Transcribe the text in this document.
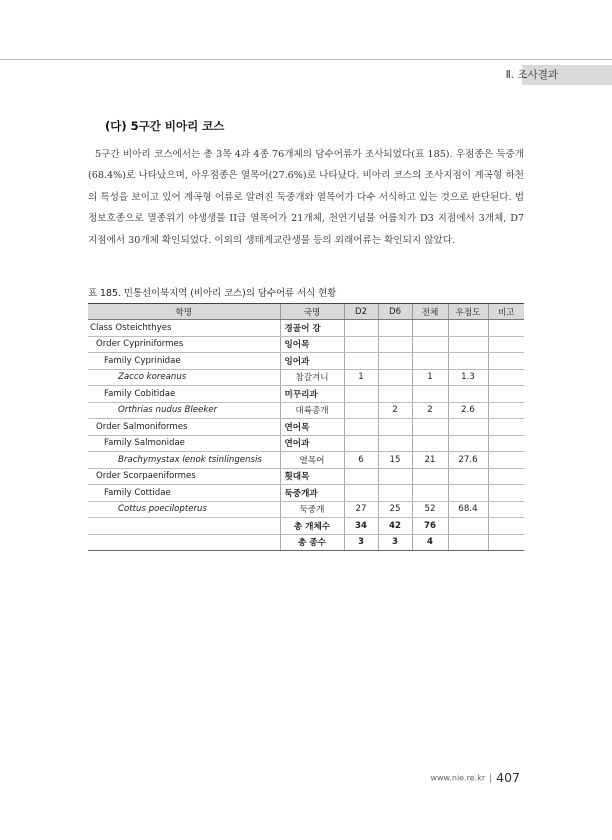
Ⅱ. 조사결과
(다) 5구간 비아리 코스

5구간 비아리 코스에서는 총 3목 4과 4종 76개체의 담수어류가 조사되었다(표 185). 우점종은 둑중개(68.4%)로 나타났으며, 아우점종은 열목어(27.6%)로 나타났다. 비아리 코스의 조사지점이 계곡형 하천의 특성을 보이고 있어 계곡형 어류로 알려진 둑중개와 열목어가 다수 서식하고 있는 것으로 판단된다. 법정보호종으로 멸종위기 야생생물 II급 열목어가 21개체, 천연기념물 어름치가 D3 지점에서 3개체, D7 지점에서 30개체 확인되었다. 이외의 생태계교란생물 등의 외래어류는 확인되지 않았다.

표 185. 민통선이북지역 (비아리 코스)의 담수어류 서식 현황
학명	국명	D2	D6	전체	우점도	비고
Class Osteichthyes	경골어 강					
Order Cypriniformes	잉어목					
Family Cyprinidae	잉어과					
Zacco koreanus	참갈겨니	1		1	1.3	
Family Cobitidae	미꾸리과					
Orthrias nudus Bleeker	대륙종개		2	2	2.6	
Order Salmoniformes	연어목					
Family Salmonidae	연어과					
Brachymystax lenok tsinlingensis	열목어	6	15	21	27.6	
Order Scorpaeniformes	횟대목					
Family Cottidae	둑중개과					
Cottus poecilopterus	둑중개	27	25	52	68.4	
	총 개체수	34	42	76		
	총 종수	3	3	4		
www.nie.re.kr 407
